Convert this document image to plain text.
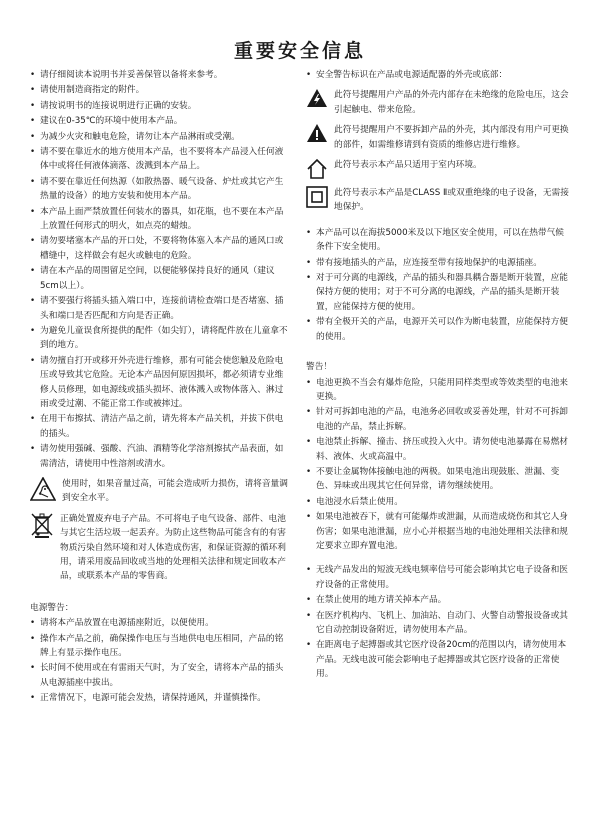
重要安全信息
• 请仔细阅读本说明书并妥善保管以备将来参考。
• 请使用制造商指定的附件。
• 请按说明书的连接说明进行正确的安装。
• 建议在0-35℃的环境中使用本产品。
• 为减少火灾和触电危险，请勿让本产品淋雨或受潮。
• 请不要在靠近水的地方使用本产品，也不要将本产品浸入任何液体中或将任何液体滴落、泼溅到本产品上。
• 请不要在靠近任何热源（如散热器、暖气设备、炉灶或其它产生热量的设备）的地方安装和使用本产品。
• 本产品上面严禁放置任何装水的器具，如花瓶，也不要在本产品上放置任何形式的明火，如点亮的蜡烛。
• 请勿要堵塞本产品的开口处，不要将物体塞入本产品的通风口或槽缝中，这样做会有起火或触电的危险。
• 请在本产品的周围留足空间，以便能够保持良好的通风（建议5cm以上）。
• 请不要强行将插头插入端口中，连接前请检查端口是否堵塞、插头和端口是否匹配和方向是否正确。
• 为避免儿童误食所提供的配件（如尖钉），请将配件放在儿童拿不到的地方。
• 请勿擅自打开或移开外壳进行维修，那有可能会使您触及危险电压或导致其它危险。无论本产品因何原因损坏，都必须请专业维修人员修理，如电源线或插头损坏、液体溅入或物体落入、淋过雨或受过潮、不能正常工作或被摔过。
• 在用干布擦拭、清洁产品之前，请先将本产品关机，并拔下供电的插头。
• 请勿使用强碱、强酸、汽油、酒精等化学溶剂擦拭产品表面，如需清洁，请使用中性溶剂或清水。
使用时，如果音量过高，可能会造成听力损伤，请将音量调到安全水平。
正确处置废弃电子产品。不可将电子电气设备、部件、电池与其它生活垃圾一起丢弃。为防止这些物品可能含有的有害物质污染自然环境和对人体造成伤害，和保证资源的循环利用，请采用废品回收或当地的处理相关法律和规定回收本产品，或联系本产品的零售商。
电源警告：
• 请将本产品放置在电源插座附近，以便使用。
• 操作本产品之前，确保操作电压与当地供电电压相同，产品的铭牌上有显示操作电压。
• 长时间不使用或在有雷雨天气时，为了安全，请将本产品的插头从电源插座中拔出。
• 正常情况下，电源可能会发热，请保持通风，并谨慎操作。
• 安全警告标识在产品或电源适配器的外壳或底部：
此符号提醒用户产品的外壳内部存在未绝缘的危险电压，这会引起触电、带来危险。
此符号提醒用户不要拆卸产品的外壳，其内部没有用户可更换的部件，如需维修请到有资质的维修店进行维修。
此符号表示本产品只适用于室内环境。
此符号表示本产品是CLASS Ⅱ或双重绝缘的电子设备，无需接地保护。
• 本产品可以在海拔5000米及以下地区安全使用，可以在热带气候条件下安全使用。
• 带有接地插头的产品，应连接至带有接地保护的电源插座。
• 对于可分离的电源线，产品的插头和器具耦合器是断开装置，应能保持方便的使用；对于不可分离的电源线，产品的插头是断开装置，应能保持方便的使用。
• 带有全极开关的产品，电源开关可以作为断电装置，应能保持方便的使用。
警告！
• 电池更换不当会有爆炸危险，只能用同样类型或等效类型的电池来更换。
• 针对可拆卸电池的产品，电池务必回收或妥善处理，针对不可拆卸电池的产品，禁止拆解。
• 电池禁止拆解、撞击、挤压或投入火中。请勿使电池暴露在易燃材料、液体、火或高温中。
• 不要让金属物体接触电池的两极。如果电池出现鼓胀、泄漏、变色、异味或出现其它任何异常，请勿继续使用。
• 电池浸水后禁止使用。
• 如果电池被吞下，就有可能爆炸或泄漏，从而造成烧伤和其它人身伤害；如果电池泄漏，应小心并根据当地的电池处理相关法律和规定要求立即弃置电池。
• 无线产品发出的短波无线电频率信号可能会影响其它电子设备和医疗设备的正常使用。
• 在禁止使用的地方请关掉本产品。
• 在医疗机构内、飞机上、加油站、自动门、火警自动警报设备或其它自动控制设备附近，请勿使用本产品。
• 在距离电子起搏器或其它医疗设备20cm的范围以内，请勿使用本产品。无线电波可能会影响电子起搏器或其它医疗设备的正常使用。
